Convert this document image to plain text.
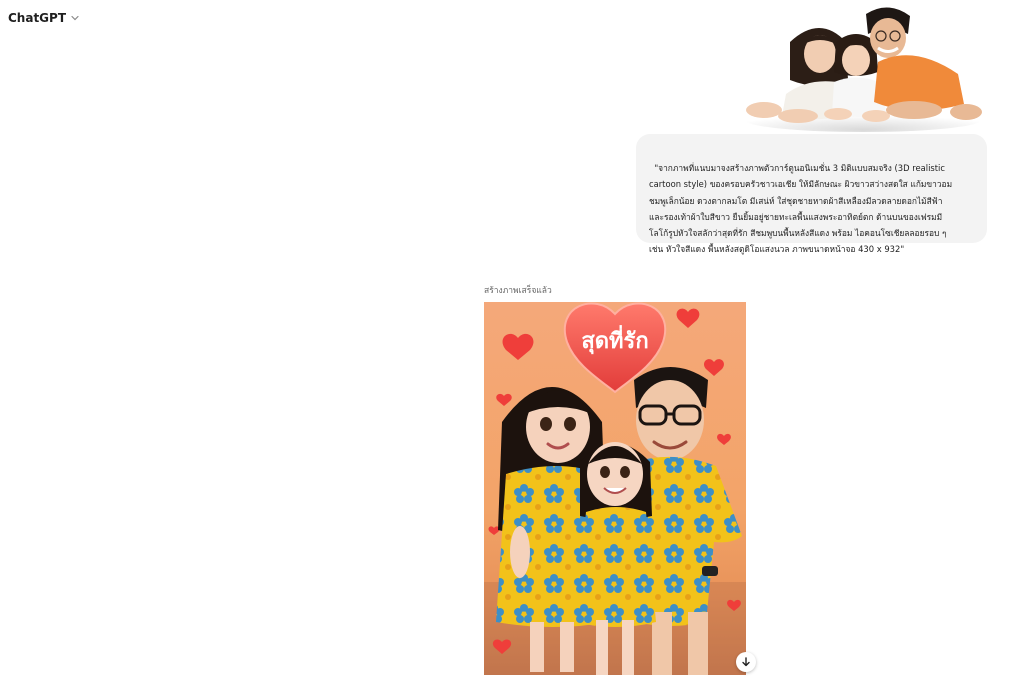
ChatGPT

"จากภาพที่แนบมาจงสร้างภาพตัวการ์ตูนอนิเมชั่น 3 มิติแบบสมจริง (3D realistic
cartoon style) ของครอบครัวชาวเอเชีย ให้มีลักษณะ ผิวขาวสว่างสดใส แก้มขาวอม
ชมพูเล็กน้อย ดวงตากลมโต มีเสน่ห์ ใส่ชุดชายหาดผ้าสีเหลืองมีลวดลายดอกไม้สีฟ้า
และรองเท้าผ้าใบสีขาว ยืนยิ้มอยู่ชายทะเลพื้นแสงพระอาทิตย์ตก ด้านบนของเฟรมมี
โลโก้รูปหัวใจสลักว่าสุดที่รัก สีชมพูบนพื้นหลังสีแดง พร้อม ไอคอนโซเชียลลอยรอบ ๆ
เช่น หัวใจสีแดง พื้นหลังสตูดิโอแสงนวล ภาพขนาดหน้าจอ 430 x 932"

สร้างภาพเสร็จแล้ว
สุดที่รัก
